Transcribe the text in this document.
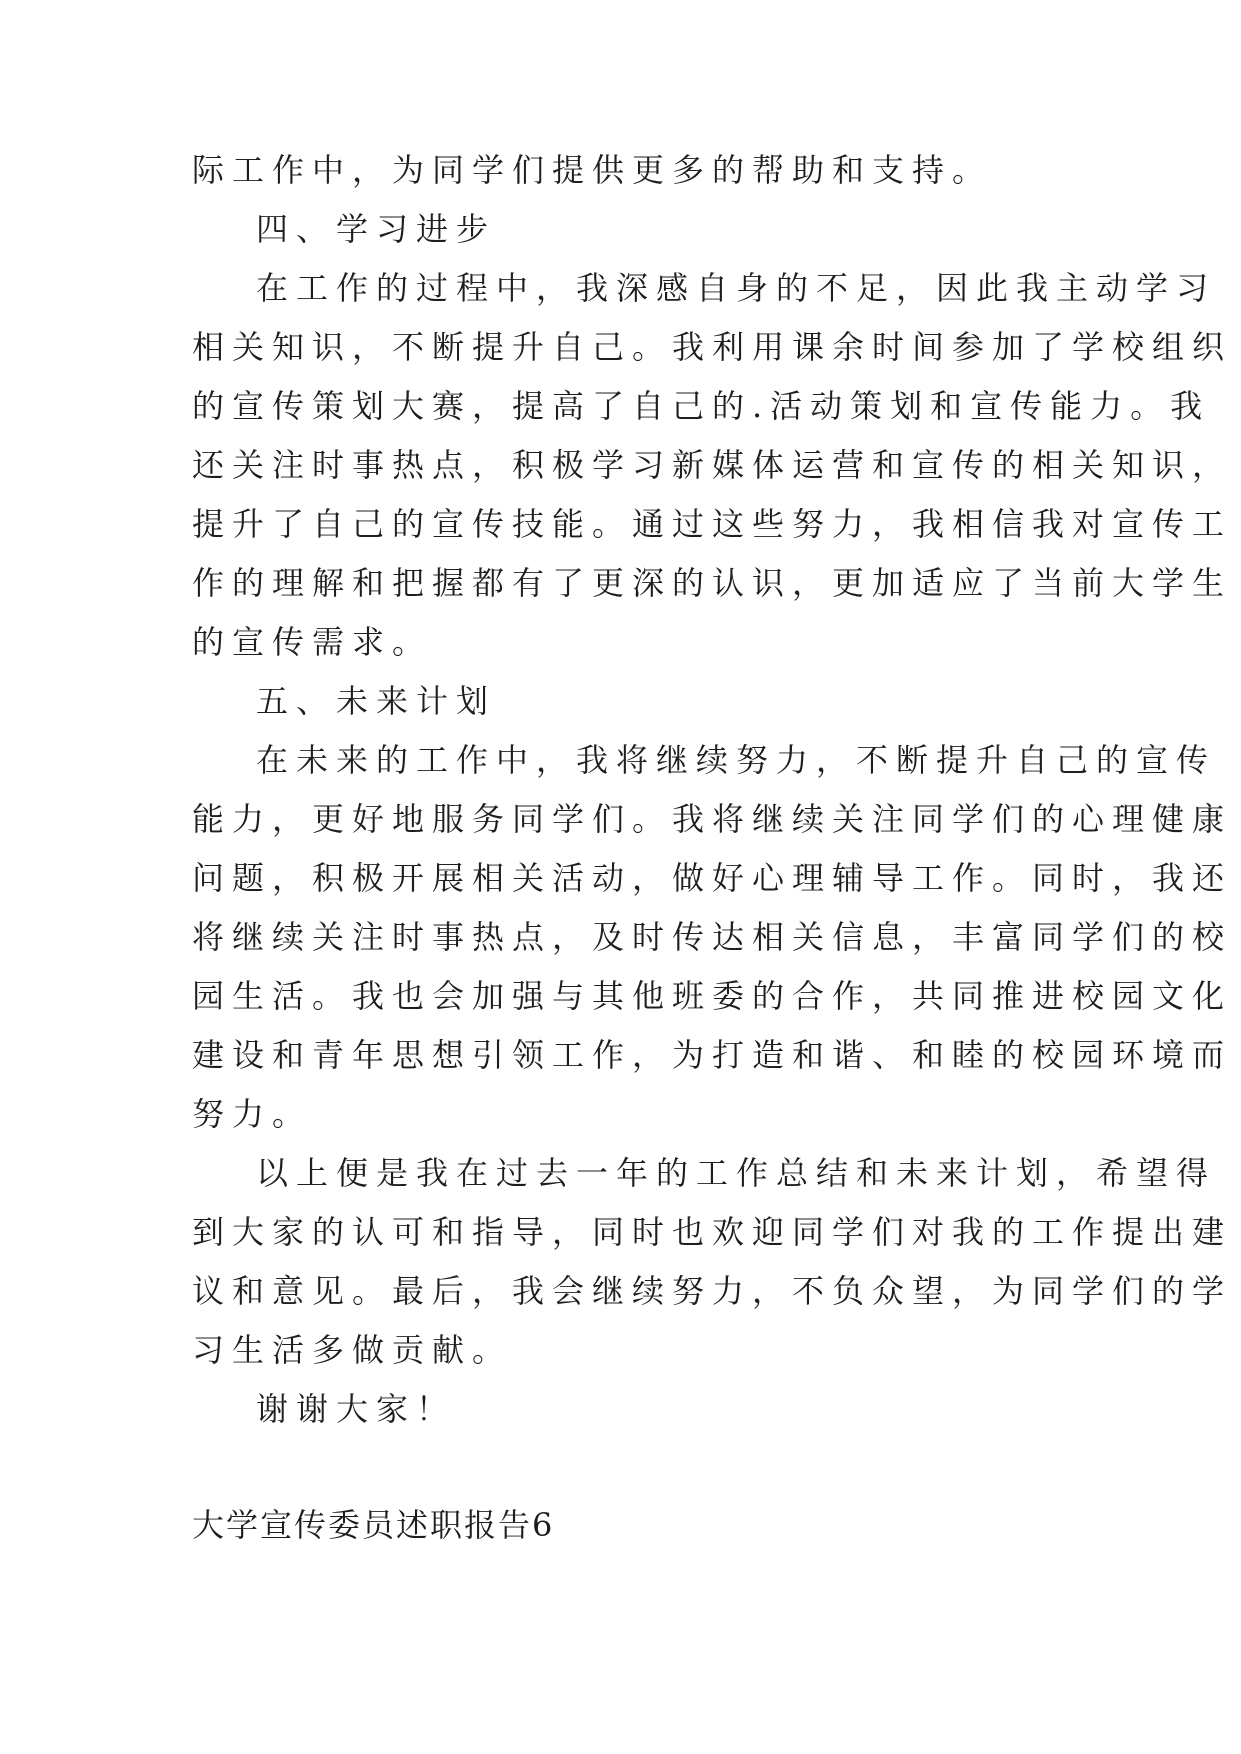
际工作中，为同学们提供更多的帮助和支持。
四、学习进步
在工作的过程中，我深感自身的不足，因此我主动学习
相关知识，不断提升自己。我利用课余时间参加了学校组织
的宣传策划大赛，提高了自己的.活动策划和宣传能力。我
还关注时事热点，积极学习新媒体运营和宣传的相关知识，
提升了自己的宣传技能。通过这些努力，我相信我对宣传工
作的理解和把握都有了更深的认识，更加适应了当前大学生
的宣传需求。
五、未来计划
在未来的工作中，我将继续努力，不断提升自己的宣传
能力，更好地服务同学们。我将继续关注同学们的心理健康
问题，积极开展相关活动，做好心理辅导工作。同时，我还
将继续关注时事热点，及时传达相关信息，丰富同学们的校
园生活。我也会加强与其他班委的合作，共同推进校园文化
建设和青年思想引领工作，为打造和谐、和睦的校园环境而
努力。
以上便是我在过去一年的工作总结和未来计划，希望得
到大家的认可和指导，同时也欢迎同学们对我的工作提出建
议和意见。最后，我会继续努力，不负众望，为同学们的学
习生活多做贡献。
谢谢大家！
大学宣传委员述职报告6
